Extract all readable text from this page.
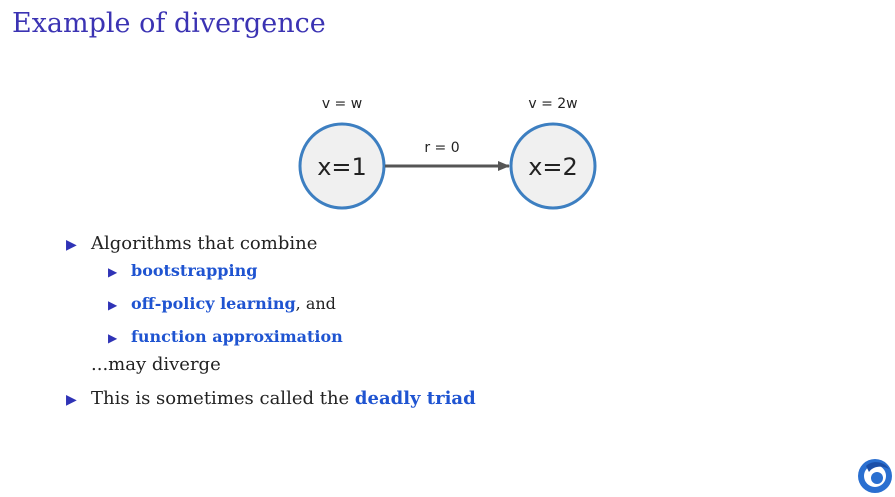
Example of divergence
v = w	v = 2w
x=1	x=2
r = 0
▶ Algorithms that combine
▶ bootstrapping
▶ off-policy learning, and
▶ function approximation
...may diverge
▶ This is sometimes called the deadly triad
